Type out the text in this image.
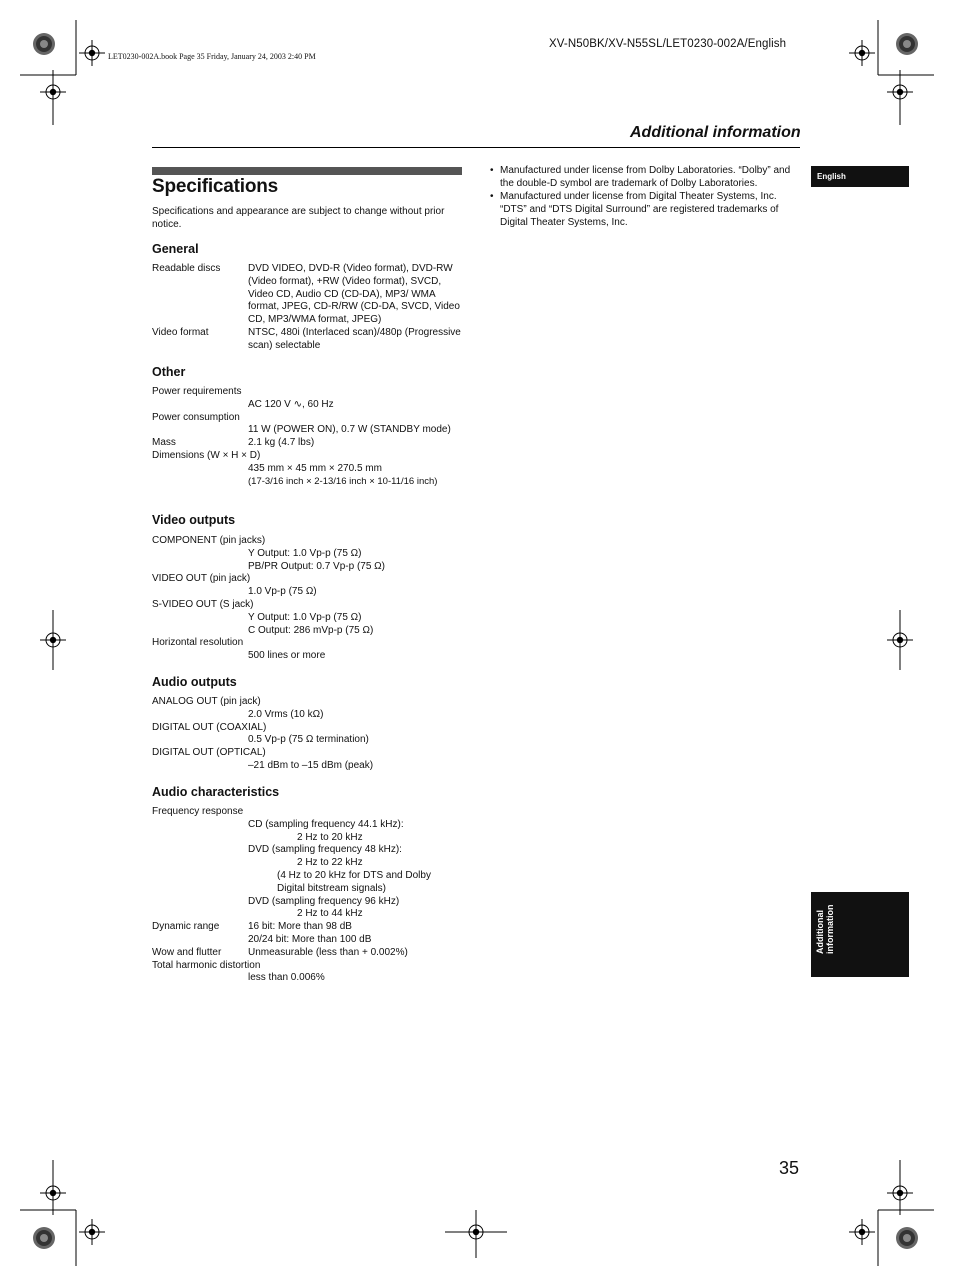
XV-N50BK/XV-N55SL/LET0230-002A/English
LET0230-002A.book Page 35 Friday, January 24, 2003 2:40 PM
Additional information
Specifications
Specifications and appearance are subject to change without prior notice.
General
Readable discs	DVD VIDEO, DVD-R (Video format), DVD-RW (Video format), +RW (Video format), SVCD, Video CD, Audio CD (CD-DA), MP3/ WMA format, JPEG, CD-R/RW (CD-DA, SVCD, Video CD, MP3/WMA format, JPEG)
Video format	NTSC, 480i (Interlaced scan)/480p (Progressive scan) selectable
Other
Power requirements
AC 120 V ∿, 60 Hz
Power consumption
11 W (POWER ON), 0.7 W (STANDBY mode)
Mass	2.1 kg (4.7 lbs)
Dimensions (W × H × D)
435 mm × 45 mm × 270.5 mm
(17-3/16 inch × 2-13/16 inch × 10-11/16 inch)
Video outputs
COMPONENT (pin jacks)
Y Output: 1.0 Vp-p (75 Ω)
PB/PR Output: 0.7 Vp-p (75 Ω)
VIDEO OUT (pin jack)
1.0 Vp-p (75 Ω)
S-VIDEO OUT (S jack)
Y Output: 1.0 Vp-p (75 Ω)
C Output: 286 mVp-p (75 Ω)
Horizontal resolution
500 lines or more
Audio outputs
ANALOG OUT (pin jack)
2.0 Vrms (10 kΩ)
DIGITAL OUT (COAXIAL)
0.5 Vp-p (75 Ω termination)
DIGITAL OUT (OPTICAL)
–21 dBm to –15 dBm (peak)
Audio characteristics
Frequency response
CD (sampling frequency 44.1 kHz):
2 Hz to 20 kHz
DVD (sampling frequency 48 kHz):
2 Hz to 22 kHz
(4 Hz to 20 kHz for DTS and Dolby
Digital bitstream signals)
DVD (sampling frequency 96 kHz)
2 Hz to 44 kHz
Dynamic range	16 bit: More than 98 dB
20/24 bit: More than 100 dB
Wow and flutter	Unmeasurable (less than + 0.002%)
Total harmonic distortion
less than 0.006%
• Manufactured under license from Dolby Laboratories. “Dolby” and the double-D symbol are trademark of Dolby Laboratories.
• Manufactured under license from Digital Theater Systems, Inc. “DTS” and “DTS Digital Surround” are registered trademarks of Digital Theater Systems, Inc.
English
Additional information
35
